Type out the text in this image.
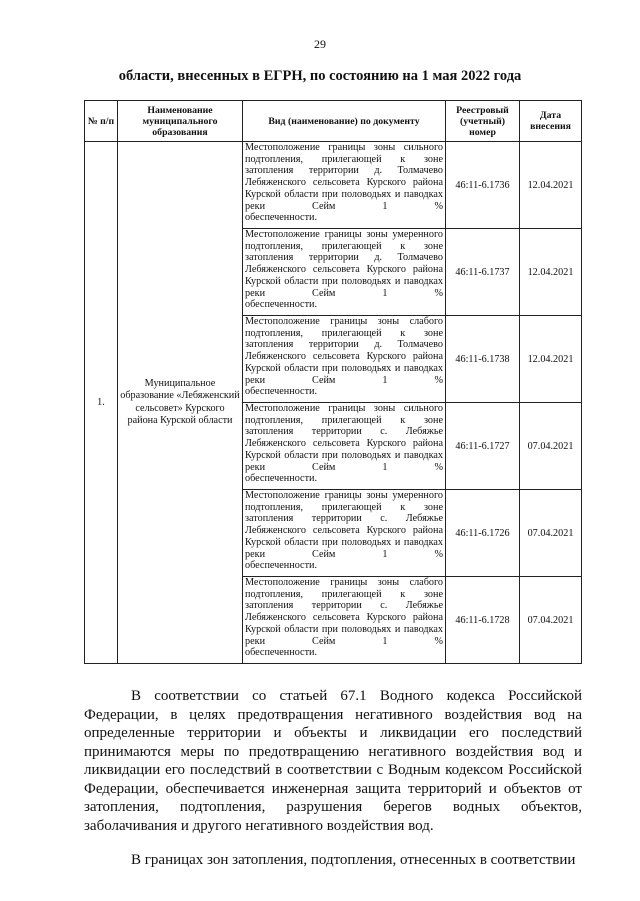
29
области, внесенных в ЕГРН, по состоянию на 1 мая 2022 года
№ п/п	Наименование муниципального образования	Вид (наименование) по документу	Реестровый (учетный) номер	Дата внесения
1.	Муниципальное образование «Лебяженский сельсовет» Курского района Курской области	Местоположение границы зоны сильного подтопления, прилегающей к зоне затопления территории д. Толмачево Лебяженского сельсовета Курского района Курской области при половодьях и паводках реки Сейм 1 %
обеспеченности.	46:11-6.1736	12.04.2021
		Местоположение границы зоны умеренного подтопления, прилегающей к зоне затопления территории д. Толмачево Лебяженского сельсовета Курского района Курской области при половодьях и паводках реки Сейм 1 %
обеспеченности.	46:11-6.1737	12.04.2021
		Местоположение границы зоны слабого подтопления, прилегающей к зоне затопления территории д. Толмачево Лебяженского сельсовета Курского района Курской области при половодьях и паводках реки Сейм 1 %
обеспеченности.	46:11-6.1738	12.04.2021
		Местоположение границы зоны сильного подтопления, прилегающей к зоне затопления территории с. Лебяжье Лебяженского сельсовета Курского района Курской области при половодьях и паводках реки Сейм 1 %
обеспеченности.	46:11-6.1727	07.04.2021
		Местоположение границы зоны умеренного подтопления, прилегающей к зоне затопления территории с. Лебяжье Лебяженского сельсовета Курского района Курской области при половодьях и паводках реки Сейм 1 %
обеспеченности.	46:11-6.1726	07.04.2021
		Местоположение границы зоны слабого подтопления, прилегающей к зоне затопления территории с. Лебяжье Лебяженского сельсовета Курского района Курской области при половодьях и паводках реки Сейм 1 %
обеспеченности.	46:11-6.1728	07.04.2021

В соответствии со статьей 67.1 Водного кодекса Российской Федерации, в целях предотвращения негативного воздействия вод на определенные территории и объекты и ликвидации его последствий принимаются меры по предотвращению негативного воздействия вод и ликвидации его последствий в соответствии с Водным кодексом Российской Федерации, обеспечивается инженерная защита территорий и объектов от затопления, подтопления, разрушения берегов водных объектов, заболачивания и другого негативного воздействия вод.

В границах зон затопления, подтопления, отнесенных в соответствии
